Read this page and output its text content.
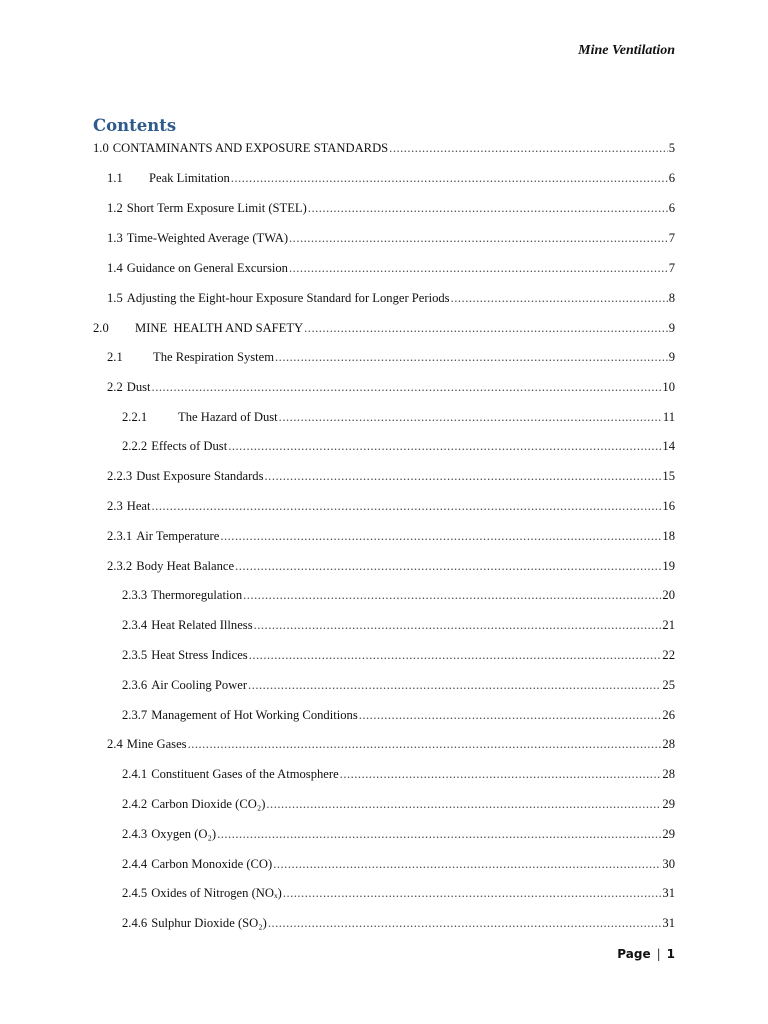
Mine Ventilation
Contents
1.0 CONTAMINANTS AND EXPOSURE STANDARDS .....	5
1.1	Peak Limitation .....	6
1.2 Short Term Exposure Limit (STEL) .....	6
1.3 Time-Weighted Average (TWA) .....	7
1.4 Guidance on General Excursion .....	7
1.5 Adjusting the Eight-hour Exposure Standard for Longer Periods .....	8
2.0	MINE  HEALTH AND SAFETY .....	9
2.1	The Respiration System .....	9
2.2 Dust .....	10
2.2.1	The Hazard of Dust .....	11
2.2.2 Effects of Dust .....	14
2.2.3 Dust Exposure Standards .....	15
2.3 Heat .....	16
2.3.1 Air Temperature .....	18
2.3.2 Body Heat Balance .....	19
2.3.3 Thermoregulation .....	20
2.3.4 Heat Related Illness .....	21
2.3.5 Heat Stress Indices .....	22
2.3.6 Air Cooling Power .....	25
2.3.7 Management of Hot Working Conditions .....	26
2.4 Mine Gases .....	28
2.4.1 Constituent Gases of the Atmosphere .....	28
2.4.2 Carbon Dioxide (CO₂) .....	29
2.4.3 Oxygen (O₂) .....	29
2.4.4 Carbon Monoxide (CO) .....	30
2.4.5 Oxides of Nitrogen (NOₓ) .....	31
2.4.6 Sulphur Dioxide (SO₂) .....	31
Page | 1
